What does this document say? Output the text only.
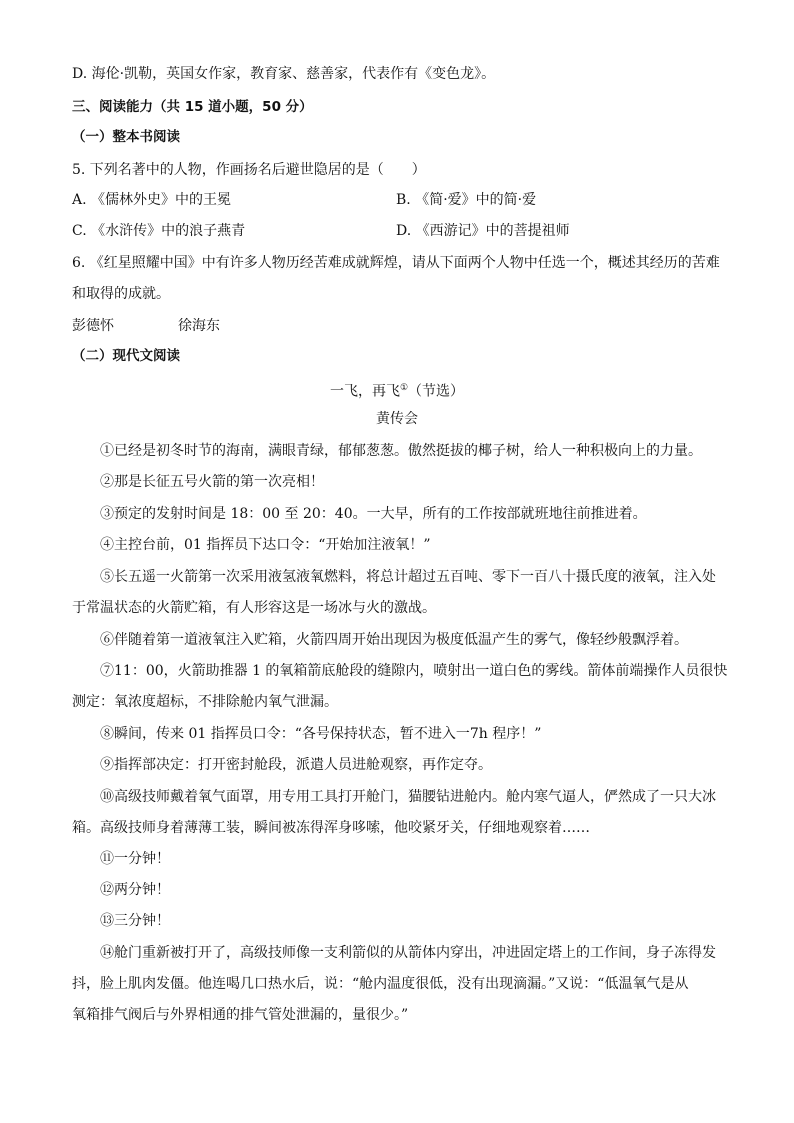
D. 海伦·凯勒，英国女作家，教育家、慈善家，代表作有《变色龙》。
三、阅读能力（共 15 道小题，50 分）
（一）整本书阅读
5. 下列名著中的人物，作画扬名后避世隐居的是（　　）
A. 《儒林外史》中的王冕	B. 《简·爱》中的简·爱
C. 《水浒传》中的浪子燕青	D. 《西游记》中的菩提祖师
6. 《红星照耀中国》中有许多人物历经苦难成就辉煌，请从下面两个人物中任选一个，概述其经历的苦难
和取得的成就。
彭德怀	徐海东
（二）现代文阅读
一飞，再飞①（节选）
黄传会
①已经是初冬时节的海南，满眼青绿，郁郁葱葱。傲然挺拔的椰子树，给人一种积极向上的力量。
②那是长征五号火箭的第一次亮相！
③预定的发射时间是 18：00 至 20：40。一大早，所有的工作按部就班地往前推进着。
④主控台前，01 指挥员下达口令：“开始加注液氧！”
⑤长五遥一火箭第一次采用液氢液氧燃料，将总计超过五百吨、零下一百八十摄氏度的液氧，注入处
于常温状态的火箭贮箱，有人形容这是一场冰与火的激战。
⑥伴随着第一道液氧注入贮箱，火箭四周开始出现因为极度低温产生的雾气，像轻纱般飘浮着。
⑦11：00，火箭助推器 1 的氧箱箭底舱段的缝隙内，喷射出一道白色的雾线。箭体前端操作人员很快
测定：氧浓度超标，不排除舱内氧气泄漏。
⑧瞬间，传来 01 指挥员口令：“各号保持状态，暂不进入一7h 程序！”
⑨指挥部决定：打开密封舱段，派遣人员进舱观察，再作定夺。
⑩高级技师戴着氧气面罩，用专用工具打开舱门，猫腰钻进舱内。舱内寒气逼人，俨然成了一只大冰
箱。高级技师身着薄薄工装，瞬间被冻得浑身哆嗦，他咬紧牙关，仔细地观察着……
⑪一分钟！
⑫两分钟！
⑬三分钟！
⑭舱门重新被打开了，高级技师像一支利箭似的从箭体内穿出，冲进固定塔上的工作间，身子冻得发
抖，脸上肌肉发僵。他连喝几口热水后，说：“舱内温度很低，没有出现滴漏。”又说：“低温氧气是从
氧箱排气阀后与外界相通的排气管处泄漏的，量很少。”
